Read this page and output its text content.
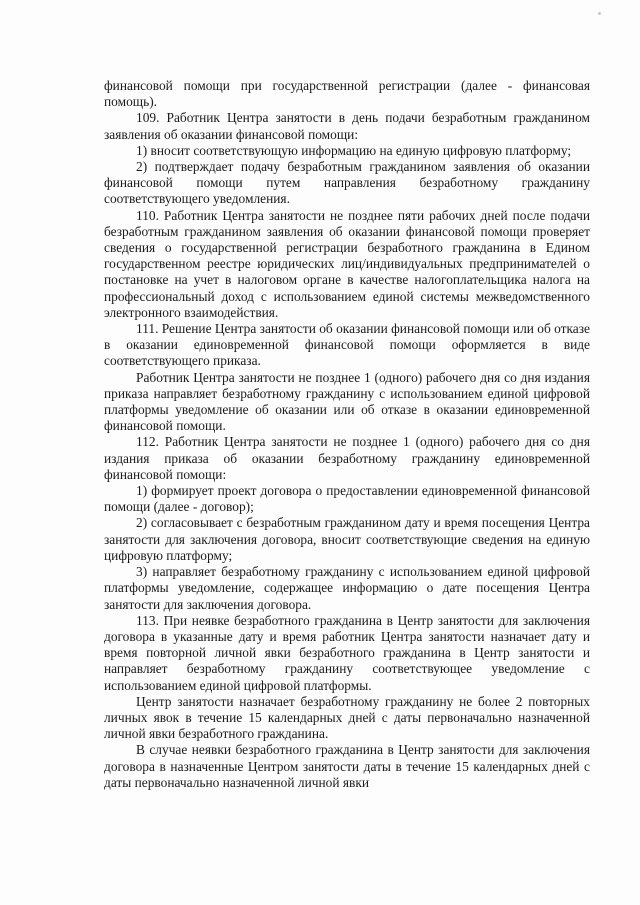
финансовой помощи при государственной регистрации (далее - финансовая помощь).

109. Работник Центра занятости в день подачи безработным гражданином заявления об оказании финансовой помощи:

1) вносит соответствующую информацию на единую цифровую платформу;

2) подтверждает подачу безработным гражданином заявления об оказании финансовой помощи путем направления безработному гражданину соответствующего уведомления.

110. Работник Центра занятости не позднее пяти рабочих дней после подачи безработным гражданином заявления об оказании финансовой помощи проверяет сведения о государственной регистрации безработного гражданина в Едином государственном реестре юридических лиц/индивидуальных предпринимателей о постановке на учет в налоговом органе в качестве налогоплательщика налога на профессиональный доход с использованием единой системы межведомственного электронного взаимодействия.

111. Решение Центра занятости об оказании финансовой помощи или об отказе в оказании единовременной финансовой помощи оформляется в виде соответствующего приказа.

Работник Центра занятости не позднее 1 (одного) рабочего дня со дня издания приказа направляет безработному гражданину с использованием единой цифровой платформы уведомление об оказании или об отказе в оказании единовременной финансовой помощи.

112. Работник Центра занятости не позднее 1 (одного) рабочего дня со дня издания приказа об оказании безработному гражданину единовременной финансовой помощи:

1) формирует проект договора о предоставлении единовременной финансовой помощи (далее - договор);

2) согласовывает с безработным гражданином дату и время посещения Центра занятости для заключения договора, вносит соответствующие сведения на единую цифровую платформу;

3) направляет безработному гражданину с использованием единой цифровой платформы уведомление, содержащее информацию о дате посещения Центра занятости для заключения договора.

113. При неявке безработного гражданина в Центр занятости для заключения договора в указанные дату и время работник Центра занятости назначает дату и время повторной личной явки безработного гражданина в Центр занятости и направляет безработному гражданину соответствующее уведомление с использованием единой цифровой платформы.

Центр занятости назначает безработному гражданину не более 2 повторных личных явок в течение 15 календарных дней с даты первоначально назначенной личной явки безработного гражданина.

В случае неявки безработного гражданина в Центр занятости для заключения договора в назначенные Центром занятости даты в течение 15 календарных дней с даты первоначально назначенной личной явки
